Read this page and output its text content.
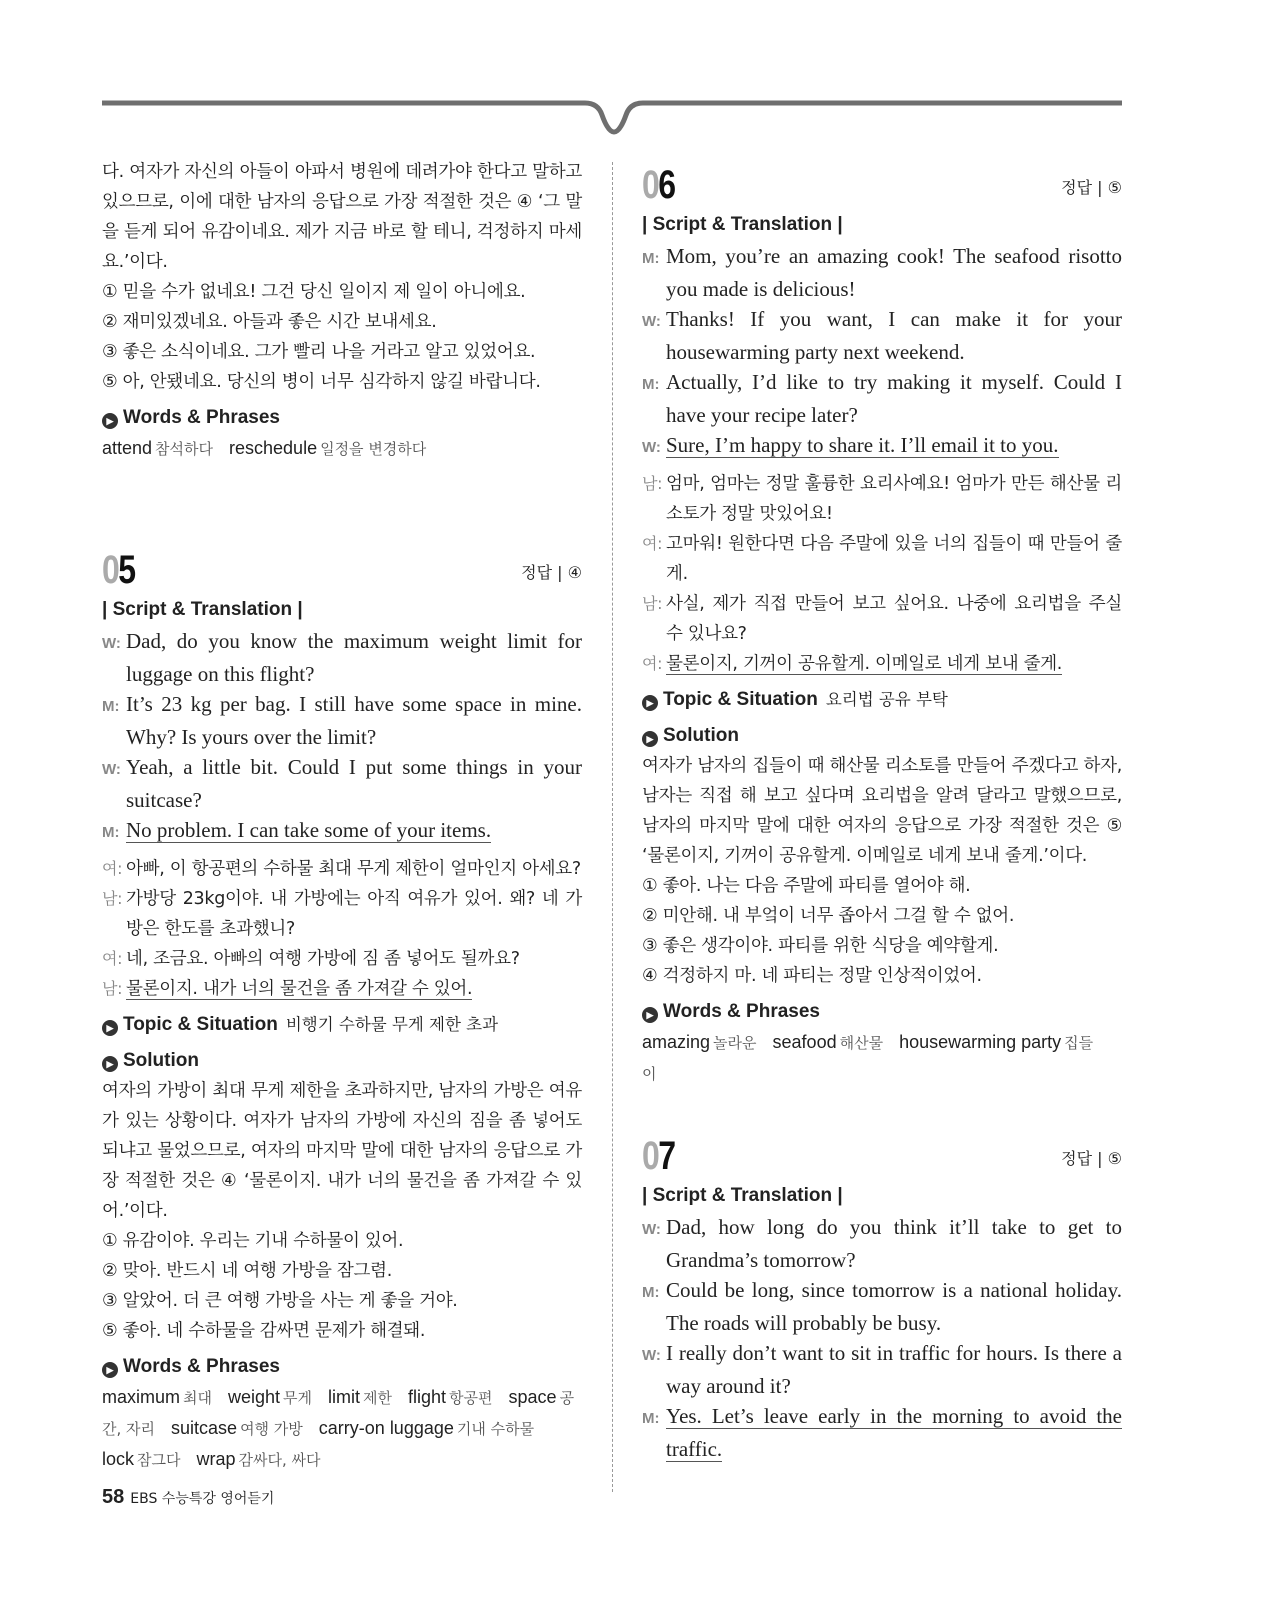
다. 여자가 자신의 아들이 아파서 병원에 데려가야 한다고 말하고 있으므로, 이에 대한 남자의 응답으로 가장 적절한 것은 ④ ‘그 말을 듣게 되어 유감이네요. 제가 지금 바로 할 테니, 걱정하지 마세요.’이다.

① 믿을 수가 없네요! 그건 당신 일이지 제 일이 아니에요.

② 재미있겠네요. 아들과 좋은 시간 보내세요.

③ 좋은 소식이네요. 그가 빨리 나을 거라고 알고 있었어요.

⑤ 아, 안됐네요. 당신의 병이 너무 심각하지 않길 바랍니다.

▶ Words & Phrases

attend 참석하다 reschedule 일정을 변경하다

05	정답 | ④
| Script & Translation |

W: Dad, do you know the maximum weight limit for luggage on this flight?

M: It’s 23 kg per bag. I still have some space in mine. Why? Is yours over the limit?

W: Yeah, a little bit. Could I put some things in your suitcase?

M: No problem. I can take some of your items.

여: 아빠, 이 항공편의 수하물 최대 무게 제한이 얼마인지 아세요?

남: 가방당 23kg이야. 내 가방에는 아직 여유가 있어. 왜? 네 가방은 한도를 초과했니?

여: 네, 조금요. 아빠의 여행 가방에 짐 좀 넣어도 될까요?

남: 물론이지. 내가 너의 물건을 좀 가져갈 수 있어.

▶ Topic & Situation 비행기 수하물 무게 제한 초과
▶ Solution

여자의 가방이 최대 무게 제한을 초과하지만, 남자의 가방은 여유가 있는 상황이다. 여자가 남자의 가방에 자신의 짐을 좀 넣어도 되냐고 물었으므로, 여자의 마지막 말에 대한 남자의 응답으로 가장 적절한 것은 ④ ‘물론이지. 내가 너의 물건을 좀 가져갈 수 있어.’이다.

① 유감이야. 우리는 기내 수하물이 있어.

② 맞아. 반드시 네 여행 가방을 잠그렴.

③ 알았어. 더 큰 여행 가방을 사는 게 좋을 거야.

⑤ 좋아. 네 수하물을 감싸면 문제가 해결돼.

▶ Words & Phrases

maximum 최대 weight 무게 limit 제한 flight 항공편 space 공간, 자리 suitcase 여행 가방 carry-on luggage 기내 수하물lock 잠그다 wrap 감싸다, 싸다

06	정답 | ⑤
| Script & Translation |

M: Mom, you’re an amazing cook! The seafood risotto you made is delicious!

W: Thanks! If you want, I can make it for your housewarming party next weekend.

M: Actually, I’d like to try making it myself. Could I have your recipe later?

W: Sure, I’m happy to share it. I’ll email it to you.

남: 엄마, 엄마는 정말 훌륭한 요리사예요! 엄마가 만든 해산물 리소토가 정말 맛있어요!

여: 고마워! 원한다면 다음 주말에 있을 너의 집들이 때 만들어 줄게.

남: 사실, 제가 직접 만들어 보고 싶어요. 나중에 요리법을 주실 수 있나요?

여: 물론이지, 기꺼이 공유할게. 이메일로 네게 보내 줄게.

▶ Topic & Situation 요리법 공유 부탁
▶ Solution

여자가 남자의 집들이 때 해산물 리소토를 만들어 주겠다고 하자, 남자는 직접 해 보고 싶다며 요리법을 알려 달라고 말했으므로, 남자의 마지막 말에 대한 여자의 응답으로 가장 적절한 것은 ⑤ ‘물론이지, 기꺼이 공유할게. 이메일로 네게 보내 줄게.’이다.

① 좋아. 나는 다음 주말에 파티를 열어야 해.

② 미안해. 내 부엌이 너무 좁아서 그걸 할 수 없어.

③ 좋은 생각이야. 파티를 위한 식당을 예약할게.

④ 걱정하지 마. 네 파티는 정말 인상적이었어.

▶ Words & Phrases

amazing 놀라운 seafood 해산물 housewarming party 집들이

07	정답 | ⑤
| Script & Translation |

W: Dad, how long do you think it’ll take to get to Grandma’s tomorrow?

M: Could be long, since tomorrow is a national holiday. The roads will probably be busy.

W: I really don’t want to sit in traffic for hours. Is there a way around it?

M: Yes. Let’s leave early in the morning to avoid the traffic.

58 EBS 수능특강 영어듣기
